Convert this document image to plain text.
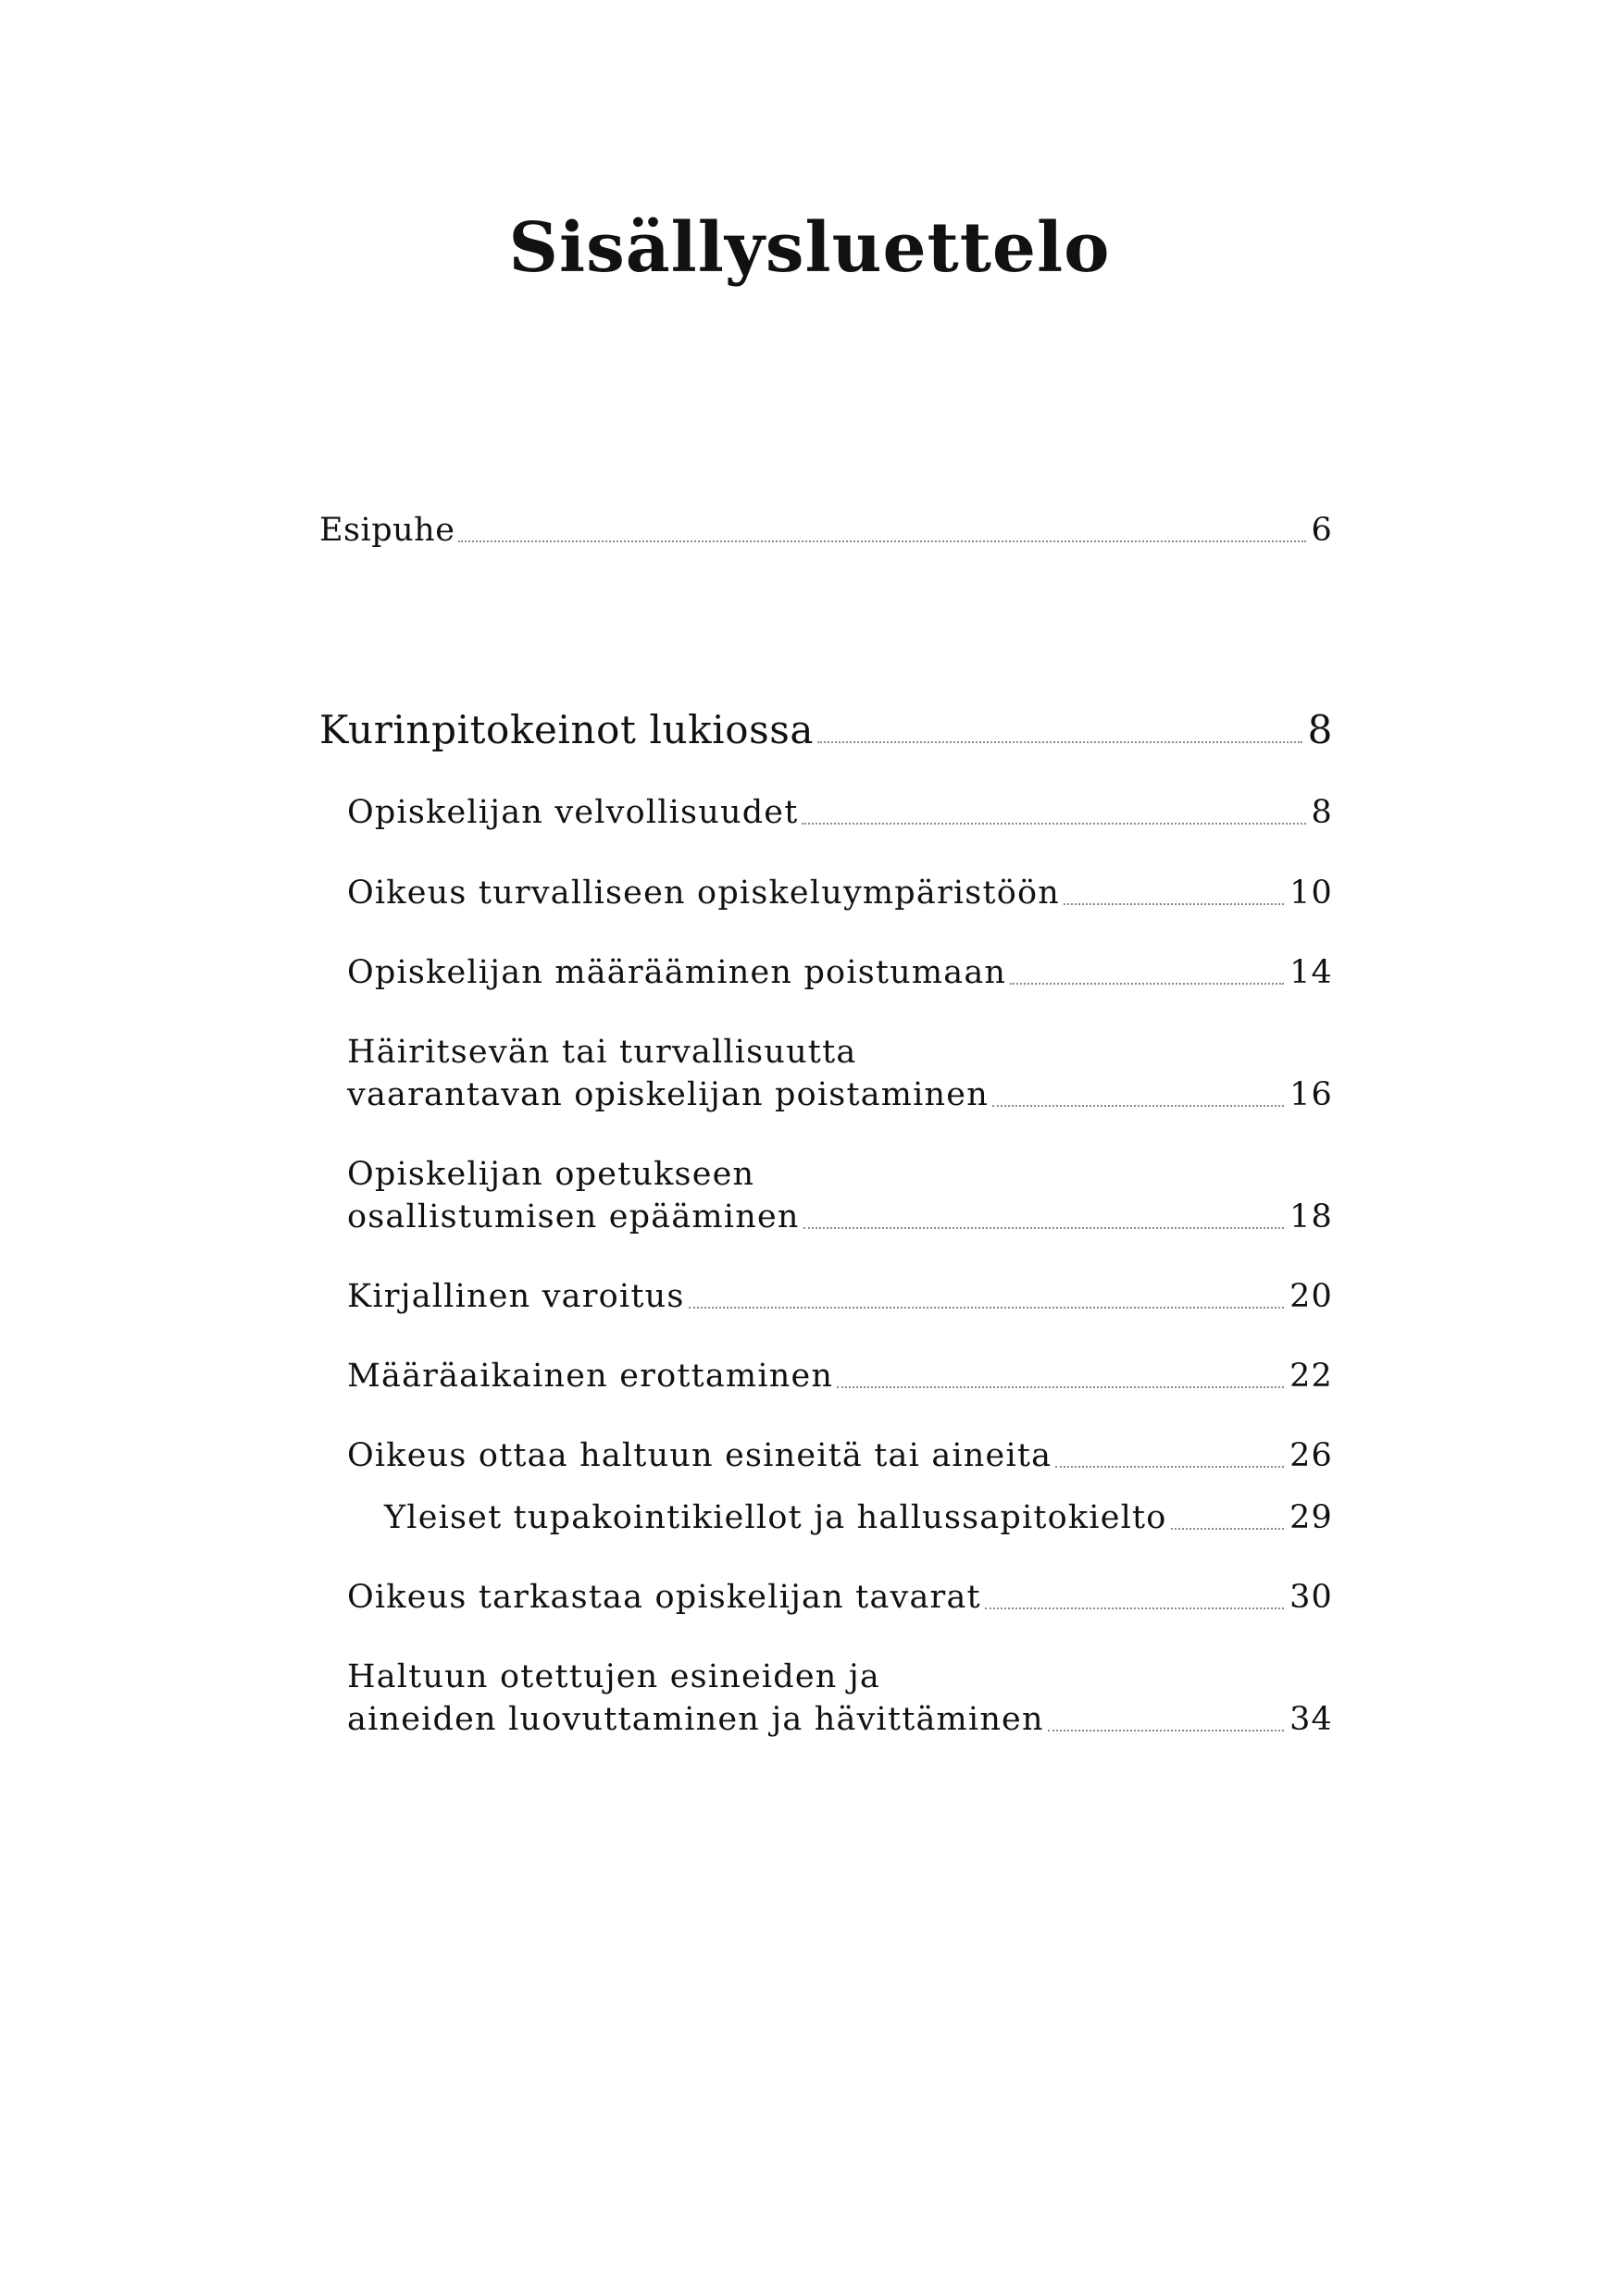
Sisällysluettelo
Esipuhe	6
Kurinpitokeinot lukiossa	8
Opiskelijan velvollisuudet	8
Oikeus turvalliseen opiskeluympäristöön	10
Opiskelijan määrääminen poistumaan	14
Häiritsevän tai turvallisuutta
vaarantavan opiskelijan poistaminen	16
Opiskelijan opetukseen
osallistumisen epääminen	18
Kirjallinen varoitus	20
Määräaikainen erottaminen	22
Oikeus ottaa haltuun esineitä tai aineita	26
Yleiset tupakointikiellot ja hallussapitokielto	29
Oikeus tarkastaa opiskelijan tavarat	30
Haltuun otettujen esineiden ja
aineiden luovuttaminen ja hävittäminen	34
